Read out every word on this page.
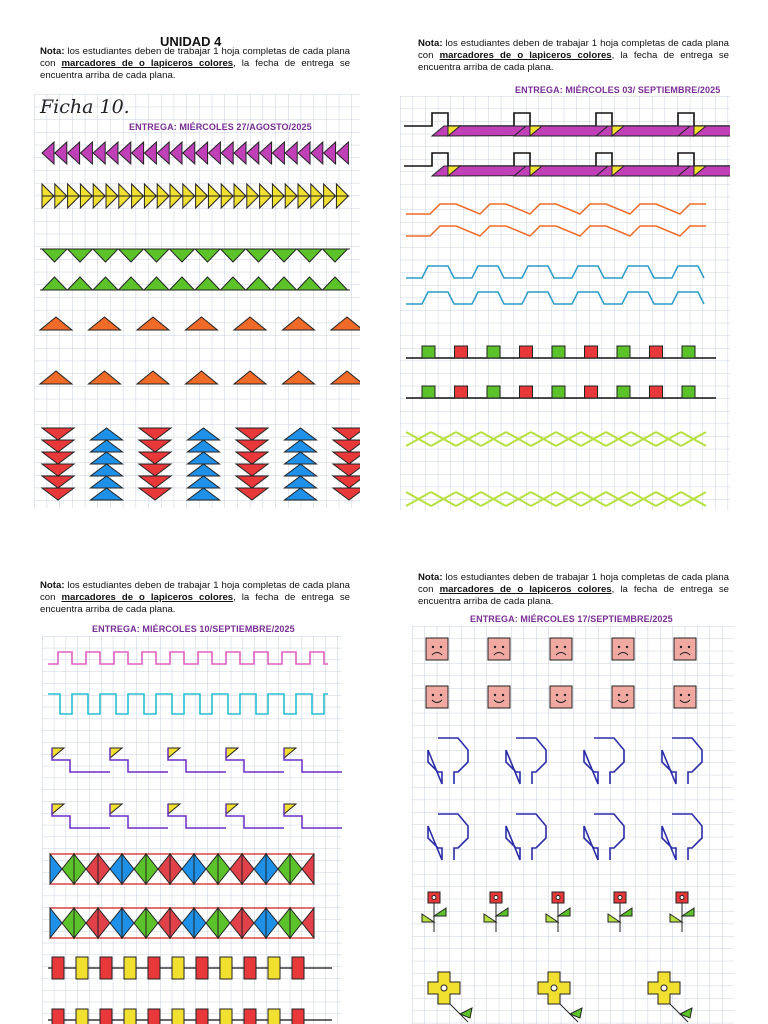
UNIDAD 4
Nota: los estudiantes deben de trabajar 1 hoja completas de cada plana con marcadores de o lapiceros colores, la fecha de entrega se encuentra arriba de cada plana.
Ficha 10.
ENTREGA: MIÉRCOLES 27/AGOSTO/2025
Nota: los estudiantes deben de trabajar 1 hoja completas de cada plana con marcadores de o lapiceros colores, la fecha de entrega se encuentra arriba de cada plana.
ENTREGA: MIÉRCOLES 03/ SEPTIEMBRE/2025
Nota: los estudiantes deben de trabajar 1 hoja completas de cada plana con marcadores de o lapiceros colores, la fecha de entrega se encuentra arriba de cada plana.
ENTREGA: MIÉRCOLES 10/SEPTIEMBRE/2025
Nota: los estudiantes deben de trabajar 1 hoja completas de cada plana con marcadores de o lapiceros colores, la fecha de entrega se encuentra arriba de cada plana.
ENTREGA: MIÉRCOLES 17/SEPTIEMBRE/2025
